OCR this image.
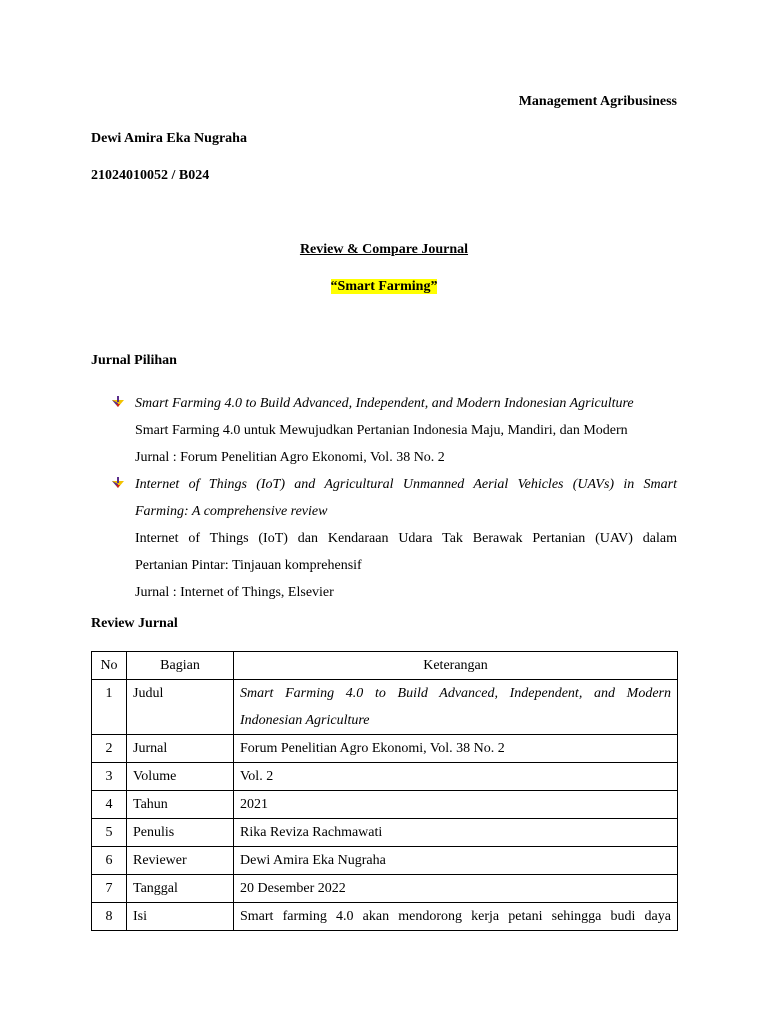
Management Agribusiness
Dewi Amira Eka Nugraha
21024010052 / B024
Review & Compare Journal
“Smart Farming”
Jurnal Pilihan
Smart Farming 4.0 to Build Advanced, Independent, and Modern Indonesian Agriculture
Smart Farming 4.0 untuk Mewujudkan Pertanian Indonesia Maju, Mandiri, dan Modern
Jurnal : Forum Penelitian Agro Ekonomi, Vol. 38 No. 2
Internet of Things (IoT) and Agricultural Unmanned Aerial Vehicles (UAVs) in Smart
Farming: A comprehensive review
Internet of Things (IoT) dan Kendaraan Udara Tak Berawak Pertanian (UAV) dalam
Pertanian Pintar: Tinjauan komprehensif
Jurnal : Internet of Things, Elsevier
Review Jurnal
No	Bagian	Keterangan
1	Judul	Smart Farming 4.0 to Build Advanced, Independent, and Modern
Indonesian Agriculture

2	Jurnal	Forum Penelitian Agro Ekonomi, Vol. 38 No. 2
3	Volume	Vol. 2
4	Tahun	2021
5	Penulis	Rika Reviza Rachmawati
6	Reviewer	Dewi Amira Eka Nugraha
7	Tanggal	20 Desember 2022
8	Isi	Smart farming 4.0 akan mendorong kerja petani sehingga budi daya
